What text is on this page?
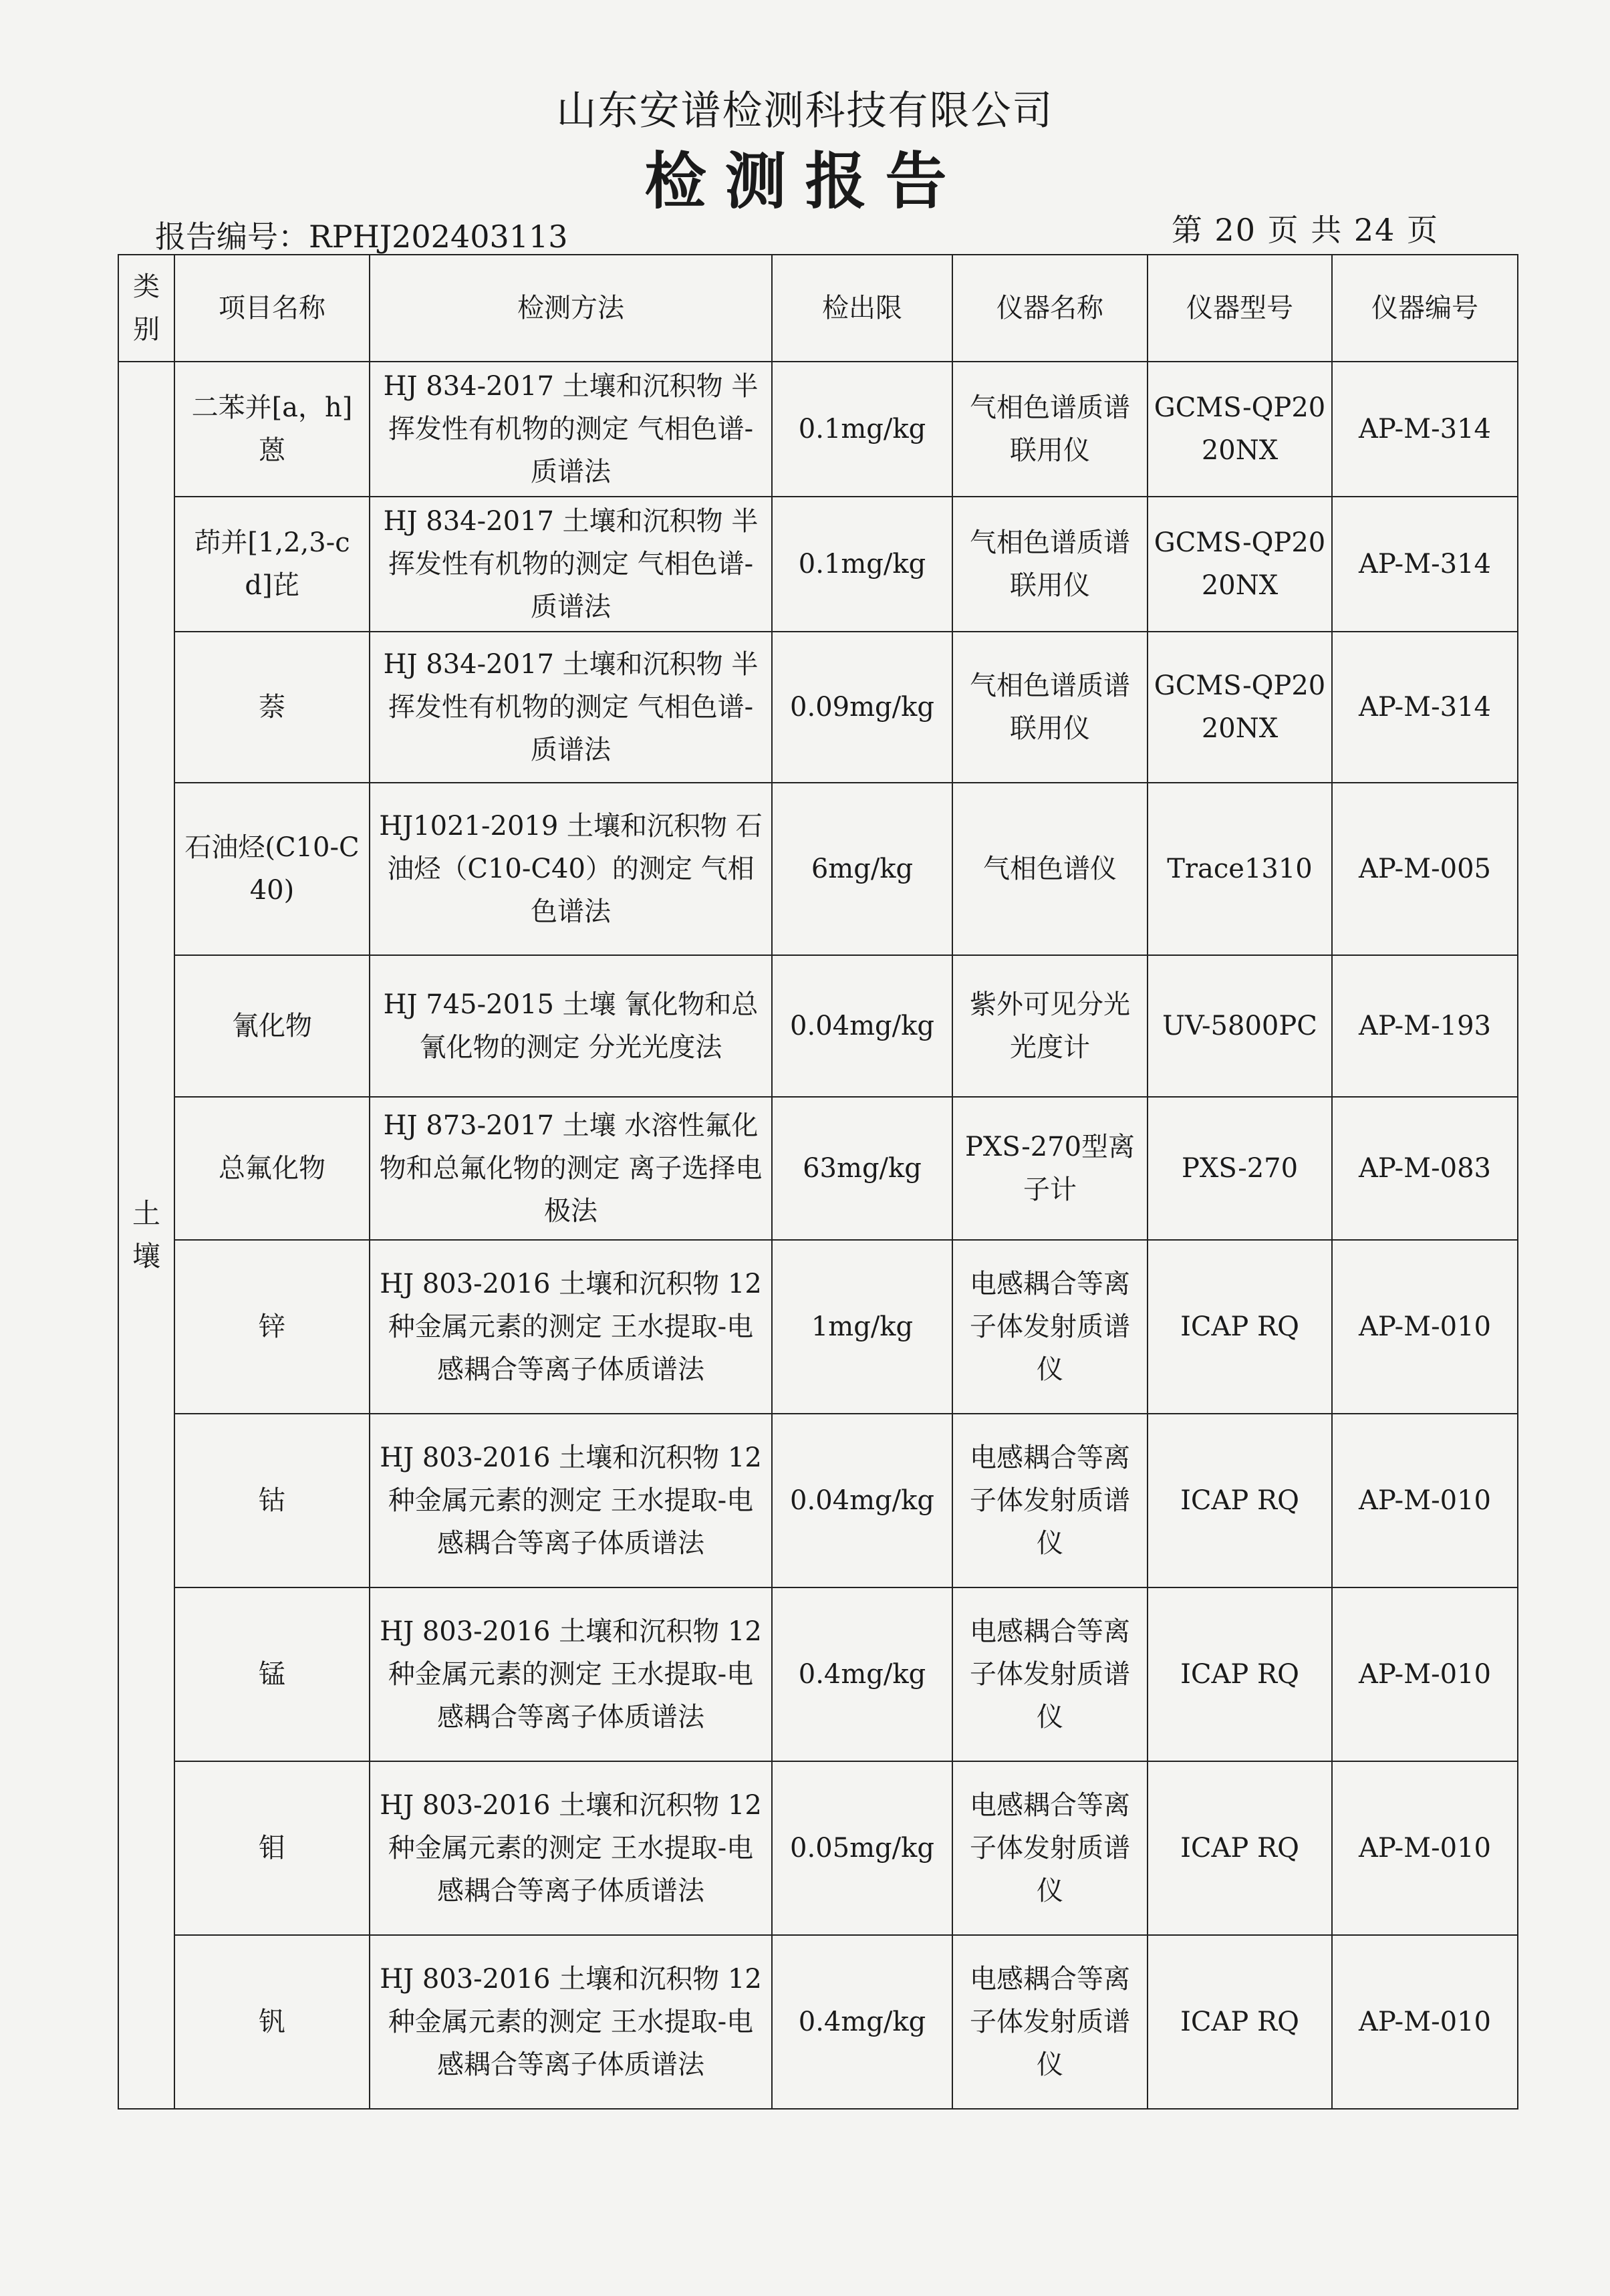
山东安谱检测科技有限公司
检测报告
报告编号：RPHJ202403113	第 20 页 共 24 页
类别	项目名称	检测方法	检出限	仪器名称	仪器型号	仪器编号
土壤	二苯并[a，h]蒽	HJ 834-2017 土壤和沉积物 半挥发性有机物的测定 气相色谱-质谱法	0.1mg/kg	气相色谱质谱联用仪	GCMS-QP2020NX	AP-M-314
	茚并[1,2,3-cd]芘	HJ 834-2017 土壤和沉积物 半挥发性有机物的测定 气相色谱-质谱法	0.1mg/kg	气相色谱质谱联用仪	GCMS-QP2020NX	AP-M-314
	萘	HJ 834-2017 土壤和沉积物 半挥发性有机物的测定 气相色谱-质谱法	0.09mg/kg	气相色谱质谱联用仪	GCMS-QP2020NX	AP-M-314
	石油烃(C10-C40)	HJ1021-2019 土壤和沉积物 石油烃（C10-C40）的测定 气相色谱法	6mg/kg	气相色谱仪	Trace1310	AP-M-005
	氰化物	HJ 745-2015 土壤 氰化物和总氰化物的测定 分光光度法	0.04mg/kg	紫外可见分光光度计	UV-5800PC	AP-M-193
	总氟化物	HJ 873-2017 土壤 水溶性氟化物和总氟化物的测定 离子选择电极法	63mg/kg	PXS-270型离子计	PXS-270	AP-M-083
	锌	HJ 803-2016 土壤和沉积物 12种金属元素的测定 王水提取-电感耦合等离子体质谱法	1mg/kg	电感耦合等离子体发射质谱仪	ICAP RQ	AP-M-010
	钴	HJ 803-2016 土壤和沉积物 12种金属元素的测定 王水提取-电感耦合等离子体质谱法	0.04mg/kg	电感耦合等离子体发射质谱仪	ICAP RQ	AP-M-010
	锰	HJ 803-2016 土壤和沉积物 12种金属元素的测定 王水提取-电感耦合等离子体质谱法	0.4mg/kg	电感耦合等离子体发射质谱仪	ICAP RQ	AP-M-010
	钼	HJ 803-2016 土壤和沉积物 12种金属元素的测定 王水提取-电感耦合等离子体质谱法	0.05mg/kg	电感耦合等离子体发射质谱仪	ICAP RQ	AP-M-010
	钒	HJ 803-2016 土壤和沉积物 12种金属元素的测定 王水提取-电感耦合等离子体质谱法	0.4mg/kg	电感耦合等离子体发射质谱仪	ICAP RQ	AP-M-010
